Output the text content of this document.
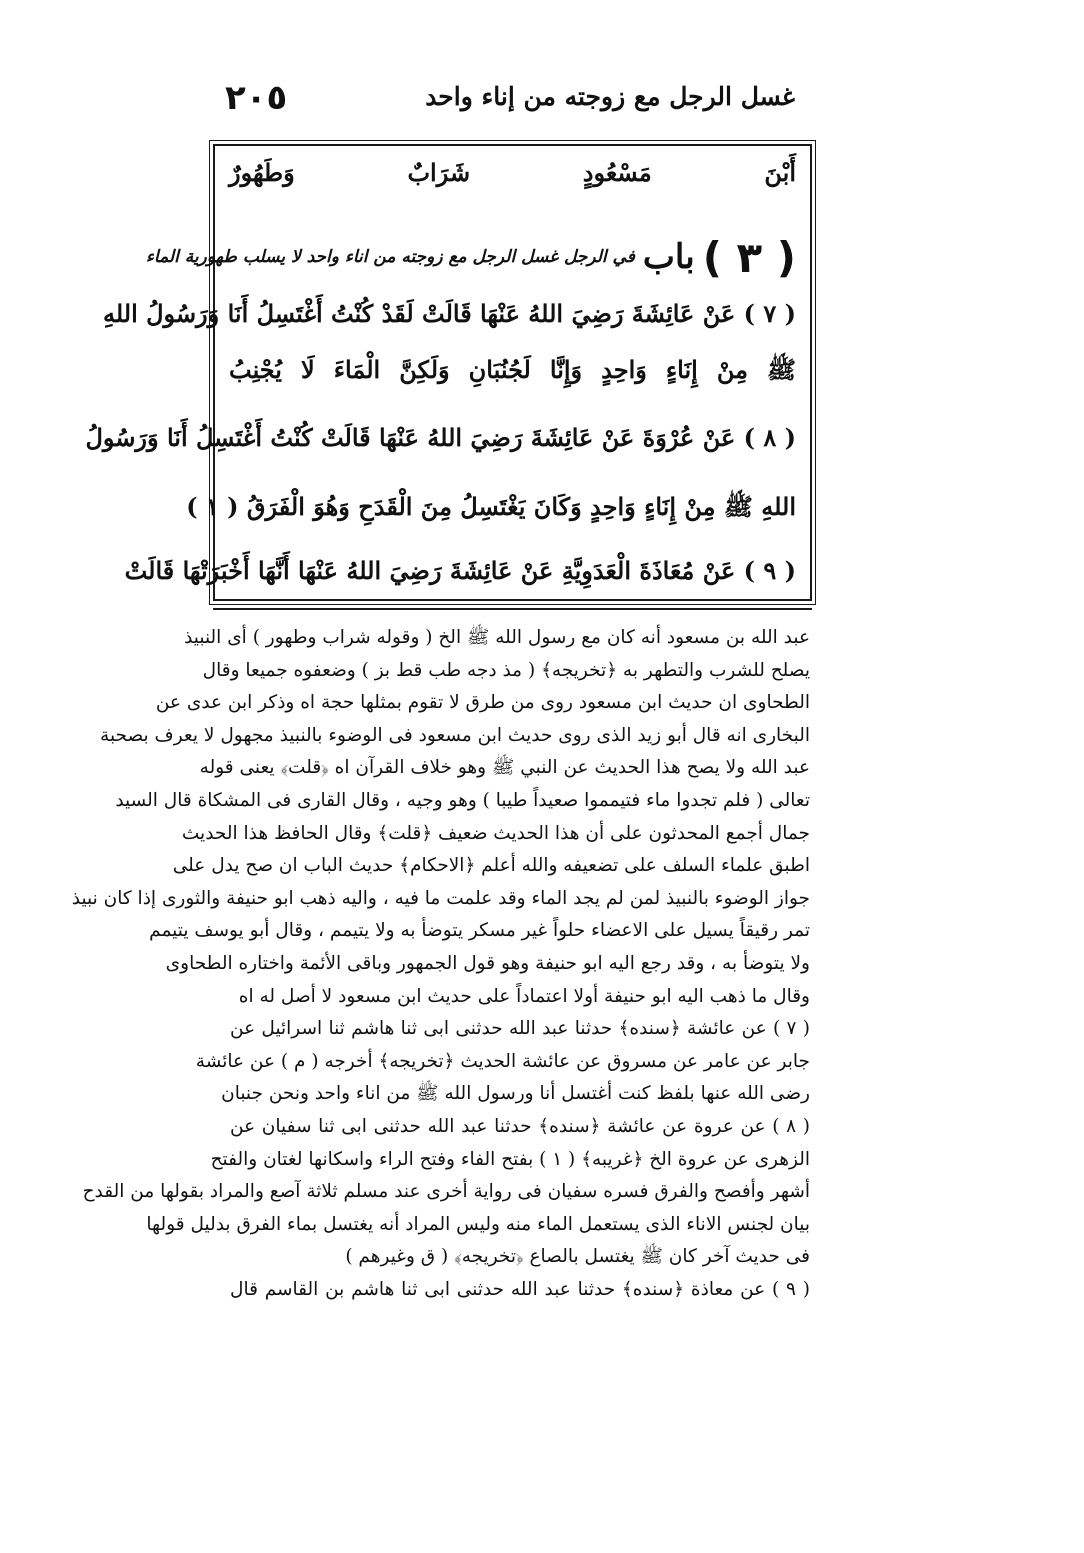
غسل الرجل مع زوجته من إناء واحد
٢٠٥
أَبْنَ مَسْعُودٍ شَرَابٌ وَطَهُورٌ
( ٣ )
باب
في الرجل غسل الرجل مع زوجته من اناء واحد لا يسلب طهورية الماء
( ٧ ) عَنْ عَائِشَةَ رَضِيَ اللهُ عَنْهَا قَالَتْ لَقَدْ كُنْتُ أَغْتَسِلُ أَنَا وَرَسُولُ اللهِ
ﷺ مِنْ إِنَاءٍ وَاحِدٍ وَإِنَّا لَجُنُبَانِ وَلَكِنَّ الْمَاءَ لَا يُجْنِبُ
( ٨ ) عَنْ عُرْوَةَ عَنْ عَائِشَةَ رَضِيَ اللهُ عَنْهَا قَالَتْ كُنْتُ أَغْتَسِلُ أَنَا وَرَسُولُ
اللهِ ﷺ مِنْ إِنَاءٍ وَاحِدٍ وَكَانَ يَغْتَسِلُ مِنَ الْقَدَحِ وَهُوَ الْفَرَقُ ( ١ )
( ٩ ) عَنْ مُعَاذَةَ الْعَدَوِيَّةِ عَنْ عَائِشَةَ رَضِيَ اللهُ عَنْهَا أَنَّهَا أَخْبَرَتْهَا قَالَتْ
عبد الله بن مسعود أنه كان مع رسول الله ﷺ الخ ( وقوله شراب وطهور ) أى النبيذ
يصلح للشرب والتطهر به ﴿تخريجه﴾ ( مذ دجه طب قط بز ) وضعفوه جميعا وقال
الطحاوى ان حديث ابن مسعود روى من طرق لا تقوم بمثلها حجة اه وذكر ابن عدى عن
البخارى انه قال أبو زيد الذى روى حديث ابن مسعود فى الوضوء بالنبيذ مجهول لا يعرف بصحبة
عبد الله ولا يصح هذا الحديث عن النبي ﷺ وهو خلاف القرآن اه ﴿قلت﴾ يعنى قوله
تعالى ( فلم تجدوا ماء فتيمموا صعيداً طيبا ) وهو وجيه ، وقال القارى فى المشكاة قال السيد
جمال أجمع المحدثون على أن هذا الحديث ضعيف ﴿قلت﴾ وقال الحافظ هذا الحديث
اطبق علماء السلف على تضعيفه والله أعلم ﴿الاحكام﴾ حديث الباب ان صح يدل على
جواز الوضوء بالنبيذ لمن لم يجد الماء وقد علمت ما فيه ، واليه ذهب ابو حنيفة والثورى إذا كان نبيذ
تمر رقيقاً يسيل على الاعضاء حلواً غير مسكر يتوضأ به ولا يتيمم ، وقال أبو يوسف يتيمم
ولا يتوضأ به ، وقد رجع اليه ابو حنيفة وهو قول الجمهور وباقى الأئمة واختاره الطحاوى
وقال ما ذهب اليه ابو حنيفة أولا اعتماداً على حديث ابن مسعود لا أصل له اه
( ٧ ) عن عائشة ﴿سنده﴾ حدثنا عبد الله حدثنى ابى ثنا هاشم ثنا اسرائيل عن
جابر عن عامر عن مسروق عن عائشة الحديث ﴿تخريجه﴾ أخرجه ( م ) عن عائشة
رضى الله عنها بلفظ كنت أغتسل أنا ورسول الله ﷺ من اناء واحد ونحن جنبان
( ٨ ) عن عروة عن عائشة ﴿سنده﴾ حدثنا عبد الله حدثنى ابى ثنا سفيان عن
الزهرى عن عروة الخ ﴿غريبه﴾ ( ١ ) بفتح الفاء وفتح الراء واسكانها لغتان والفتح
أشهر وأفصح والفرق فسره سفيان فى رواية أخرى عند مسلم ثلاثة آصع والمراد بقولها من القدح
بيان لجنس الاناء الذى يستعمل الماء منه وليس المراد أنه يغتسل بماء الفرق بدليل قولها
فى حديث آخر كان ﷺ يغتسل بالصاع ﴿تخريجه﴾ ( ق وغيرهم )
( ٩ ) عن معاذة ﴿سنده﴾ حدثنا عبد الله حدثنى ابى ثنا هاشم بن القاسم قال
